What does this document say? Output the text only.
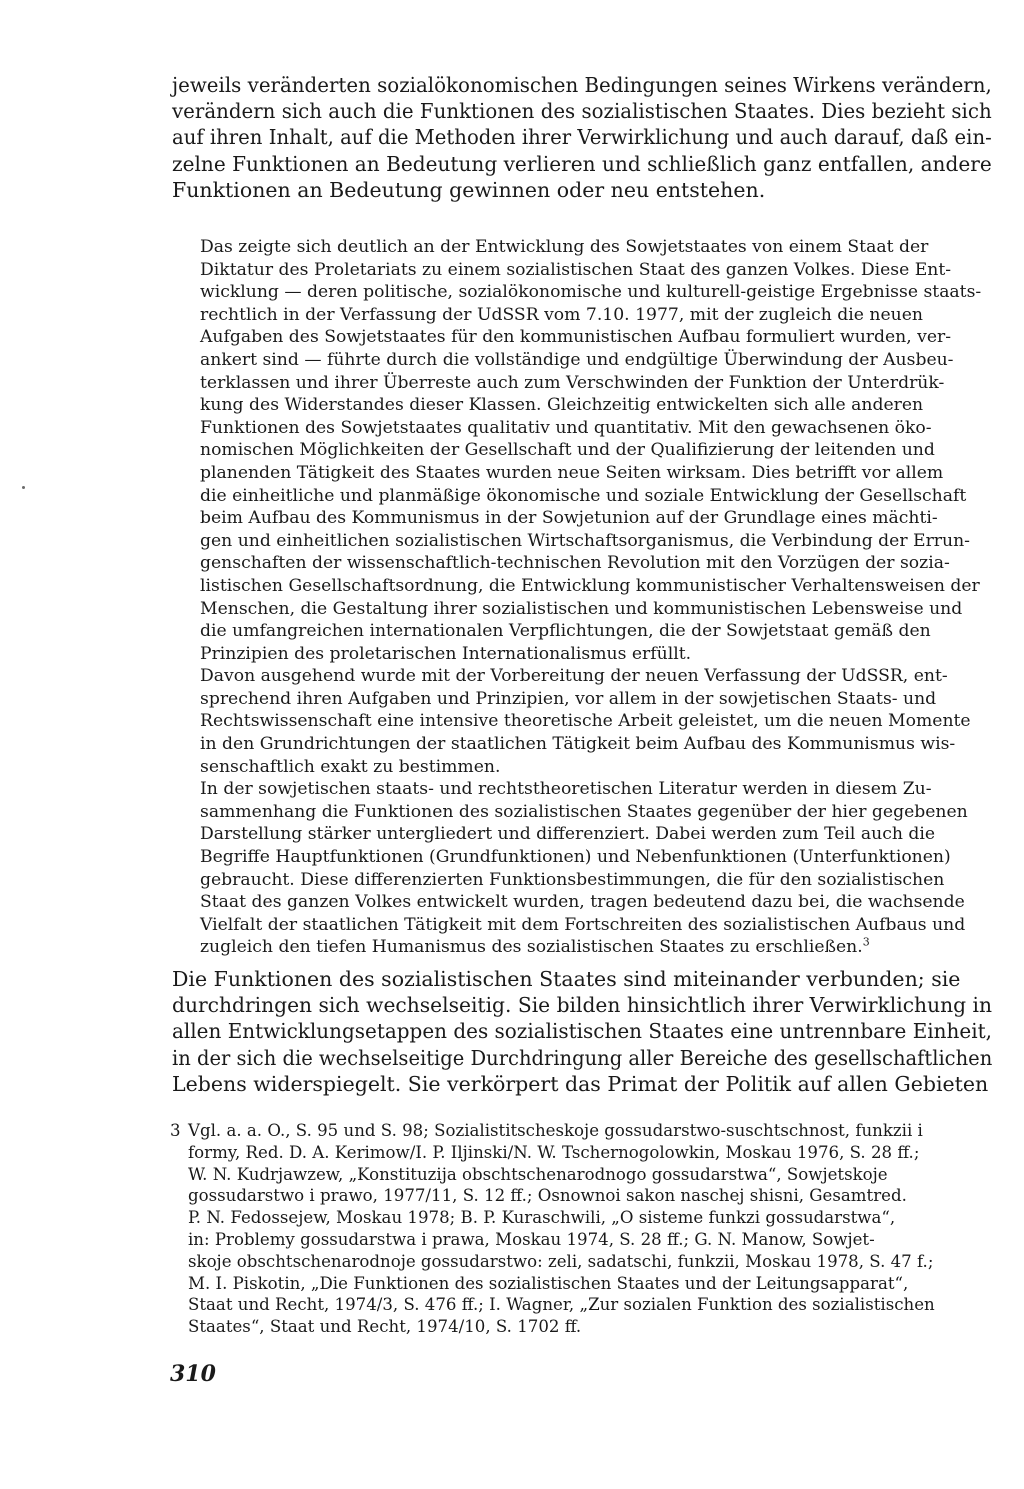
jeweils veränderten sozialökonomischen Bedingungen seines Wirkens verändern,
verändern sich auch die Funktionen des sozialistischen Staates. Dies bezieht sich
auf ihren Inhalt, auf die Methoden ihrer Verwirklichung und auch darauf, daß ein-
zelne Funktionen an Bedeutung verlieren und schließlich ganz entfallen, andere
Funktionen an Bedeutung gewinnen oder neu entstehen.
Das zeigte sich deutlich an der Entwicklung des Sowjetstaates von einem Staat der
Diktatur des Proletariats zu einem sozialistischen Staat des ganzen Volkes. Diese Ent-
wicklung — deren politische, sozialökonomische und kulturell-geistige Ergebnisse staats-
rechtlich in der Verfassung der UdSSR vom 7.10. 1977, mit der zugleich die neuen
Aufgaben des Sowjetstaates für den kommunistischen Aufbau formuliert wurden, ver-
ankert sind — führte durch die vollständige und endgültige Überwindung der Ausbeu-
terklassen und ihrer Überreste auch zum Verschwinden der Funktion der Unterdrük-
kung des Widerstandes dieser Klassen. Gleichzeitig entwickelten sich alle anderen
Funktionen des Sowjetstaates qualitativ und quantitativ. Mit den gewachsenen öko-
nomischen Möglichkeiten der Gesellschaft und der Qualifizierung der leitenden und
planenden Tätigkeit des Staates wurden neue Seiten wirksam. Dies betrifft vor allem
die einheitliche und planmäßige ökonomische und soziale Entwicklung der Gesellschaft
beim Aufbau des Kommunismus in der Sowjetunion auf der Grundlage eines mächti-
gen und einheitlichen sozialistischen Wirtschaftsorganismus, die Verbindung der Errun-
genschaften der wissenschaftlich-technischen Revolution mit den Vorzügen der sozia-
listischen Gesellschaftsordnung, die Entwicklung kommunistischer Verhaltensweisen der
Menschen, die Gestaltung ihrer sozialistischen und kommunistischen Lebensweise und
die umfangreichen internationalen Verpflichtungen, die der Sowjetstaat gemäß den
Prinzipien des proletarischen Internationalismus erfüllt.
Davon ausgehend wurde mit der Vorbereitung der neuen Verfassung der UdSSR, ent-
sprechend ihren Aufgaben und Prinzipien, vor allem in der sowjetischen Staats- und
Rechtswissenschaft eine intensive theoretische Arbeit geleistet, um die neuen Momente
in den Grundrichtungen der staatlichen Tätigkeit beim Aufbau des Kommunismus wis-
senschaftlich exakt zu bestimmen.
In der sowjetischen staats- und rechtstheoretischen Literatur werden in diesem Zu-
sammenhang die Funktionen des sozialistischen Staates gegenüber der hier gegebenen
Darstellung stärker untergliedert und differenziert. Dabei werden zum Teil auch die
Begriffe Hauptfunktionen (Grundfunktionen) und Nebenfunktionen (Unterfunktionen)
gebraucht. Diese differenzierten Funktionsbestimmungen, die für den sozialistischen
Staat des ganzen Volkes entwickelt wurden, tragen bedeutend dazu bei, die wachsende
Vielfalt der staatlichen Tätigkeit mit dem Fortschreiten des sozialistischen Aufbaus und
zugleich den tiefen Humanismus des sozialistischen Staates zu erschließen.$^3$
Die Funktionen des sozialistischen Staates sind miteinander verbunden; sie
durchdringen sich wechselseitig. Sie bilden hinsichtlich ihrer Verwirklichung in
allen Entwicklungsetappen des sozialistischen Staates eine untrennbare Einheit,
in der sich die wechselseitige Durchdringung aller Bereiche des gesellschaftlichen
Lebens widerspiegelt. Sie verkörpert das Primat der Politik auf allen Gebieten
3 Vgl. a. a. O., S. 95 und S. 98; Sozialistitscheskoje gossudarstwo-suschtschnost, funkzii i
formy, Red. D. A. Kerimow/I. P. Iljinski/N. W. Tschernogolowkin, Moskau 1976, S. 28 ff.;
W. N. Kudrjawzew, „Konstituzija obschtschenarodnogo gossudarstwa“, Sowjetskoje
gossudarstwo i prawo, 1977/11, S. 12 ff.; Osnownoi sakon naschej shisni, Gesamtred.
P. N. Fedossejew, Moskau 1978; B. P. Kuraschwili, „O sisteme funkzi gossudarstwa“,
in: Problemy gossudarstwa i prawa, Moskau 1974, S. 28 ff.; G. N. Manow, Sowjet-
skoje obschtschenarodnoje gossudarstwo: zeli, sadatschi, funkzii, Moskau 1978, S. 47 f.;
M. I. Piskotin, „Die Funktionen des sozialistischen Staates und der Leitungsapparat“,
Staat und Recht, 1974/3, S. 476 ff.; I. Wagner, „Zur sozialen Funktion des sozialistischen
Staates“, Staat und Recht, 1974/10, S. 1702 ff.
310
